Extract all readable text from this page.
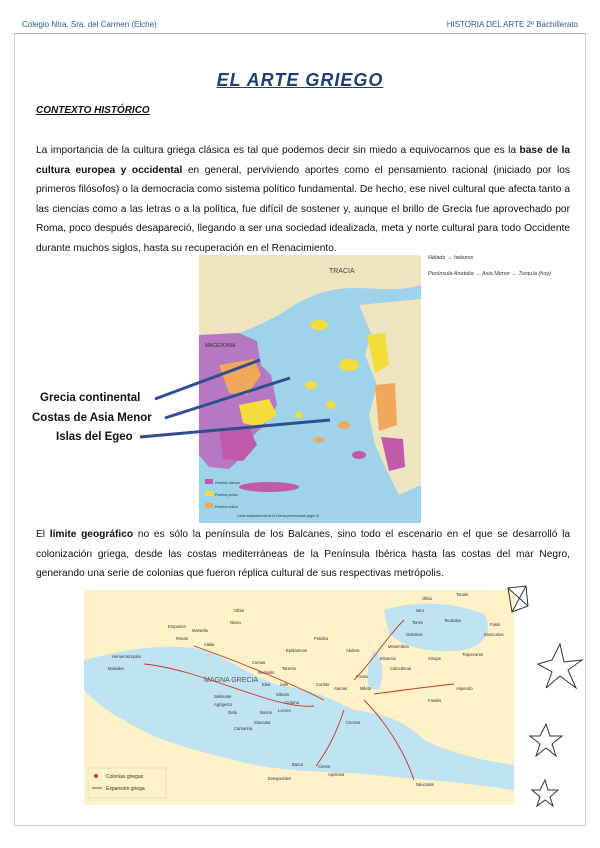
Colegio Ntra. Sra. del Carmen (Elche)	HISTORIA DEL ARTE 2º Bachillerato
EL ARTE GRIEGO
CONTEXTO HISTÓRICO
La importancia de la cultura griega clásica es tal que podemos decir sin miedo a equivocarnos que es la base de la cultura europea y occidental en general, perviviendo aportes como el pensamiento racional (iniciado por los primeros filósofos) o la democracia como sistema político fundamental. De hecho, ese nivel cultural que afecta tanto a las ciencias como a las letras o a la política, fue difícil de sostener y, aunque el brillo de Grecia fue aprovechado por Roma, poco después desapareció, llegando a ser una sociedad idealizada, meta y norte cultural para todo Occidente durante muchos siglos, hasta su recuperación en el Renacimiento.
TRACIA
MACEDONIA
Pueblos dóricos
Pueblos jonios
Pueblos eolios
Carte septentrional de la Grecia prerromana (siglo V)
Hélade → helenos
Península Anatolia → Asia Menor → Turquía (hoy)
Grecia continental
Costas de Asia Menor
Islas del Egeo
El límite geográfico no es sólo la península de los Balcanes, sino todo el escenario en el que se desarrolló la colonización griega, desde las costas mediterráneas de la Península Ibérica hasta las costas del mar Negro, generando una serie de colonias que fueron réplica cultural de sus respectivas metrópolis.
MAGNA GRECIA
Olbia
Tanais
Istro
Tomis	Teodosia
Odessos
Mesembria
Fasis
Dioscurias
Bizancio	Sinope
Trapezunte
Calcedonia
Abdera
Marsella
Olbia
Nicea
Alalia
Emporion
Rosas
Hemeroscopion
Mainake
Potidea
Epidamnos
Cumas
Neápolis
Tarento
Corinto
Atenas	Mileto
Focea
Elea Siris
Síbaris
Crotona
Locres
Naxos
Selinunte
Agrigento
Gela
Siracusa
Camarina
Cnosos
Faselis
Aspendo
Barca	Cirene
Apolonia
Evesperides
Náucratis
Colonias griegas
Expansión griega
